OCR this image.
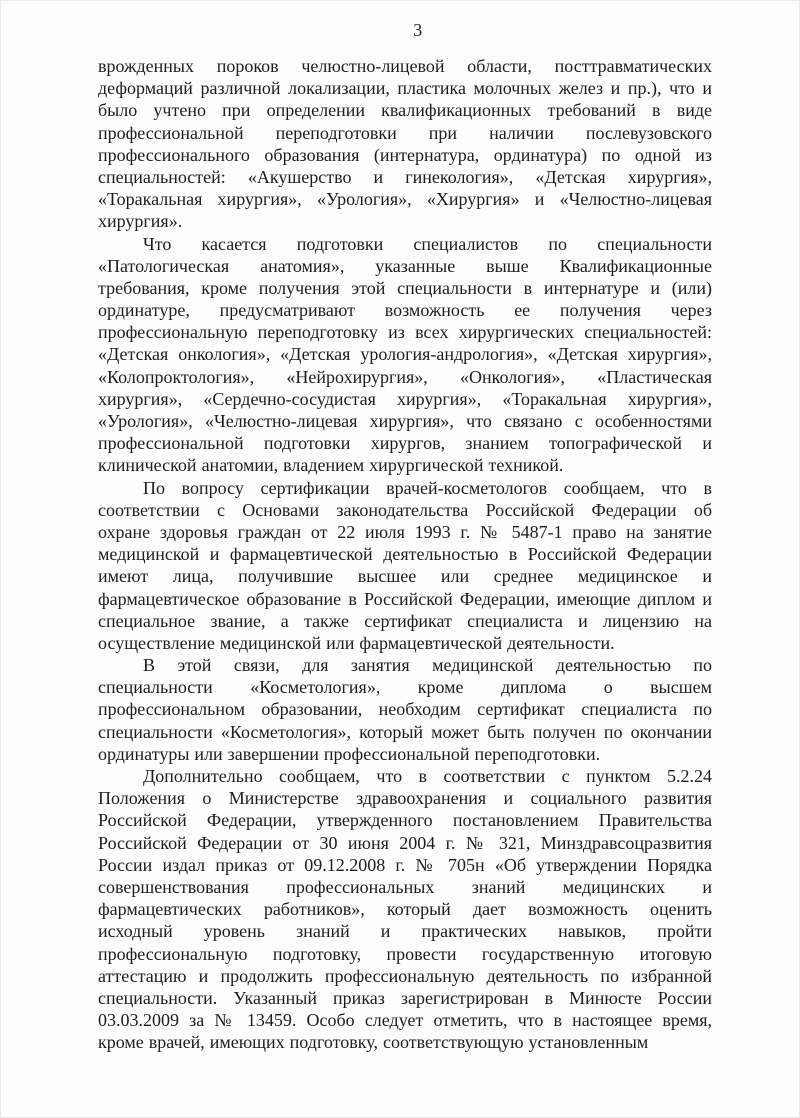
3
врожденных пороков челюстно-лицевой области, посттравматических
деформаций различной локализации, пластика молочных желез и пр.), что и
было учтено при определении квалификационных требований в виде
профессиональной переподготовки при наличии послевузовского
профессионального образования (интернатура, ординатура) по одной из
специальностей: «Акушерство и гинекология», «Детская хирургия»,
«Торакальная хирургия», «Урология», «Хирургия» и «Челюстно-лицевая
хирургия».
Что касается подготовки специалистов по специальности
«Патологическая анатомия», указанные выше Квалификационные
требования, кроме получения этой специальности в интернатуре и (или)
ординатуре, предусматривают возможность ее получения через
профессиональную переподготовку из всех хирургических специальностей:
«Детская онкология», «Детская урология-андрология», «Детская хирургия»,
«Колопроктология», «Нейрохирургия», «Онкология», «Пластическая
хирургия», «Сердечно-сосудистая хирургия», «Торакальная хирургия»,
«Урология», «Челюстно-лицевая хирургия», что связано с особенностями
профессиональной подготовки хирургов, знанием топографической и
клинической анатомии, владением хирургической техникой.
По вопросу сертификации врачей-косметологов сообщаем, что в
соответствии с Основами законодательства Российской Федерации об
охране здоровья граждан от 22 июля 1993 г. № 5487-1 право на занятие
медицинской и фармацевтической деятельностью в Российской Федерации
имеют лица, получившие высшее или среднее медицинское и
фармацевтическое образование в Российской Федерации, имеющие диплом и
специальное звание, а также сертификат специалиста и лицензию на
осуществление медицинской или фармацевтической деятельности.
В этой связи, для занятия медицинской деятельностью по
специальности «Косметология», кроме диплома о высшем
профессиональном образовании, необходим сертификат специалиста по
специальности «Косметология», который может быть получен по окончании
ординатуры или завершении профессиональной переподготовки.
Дополнительно сообщаем, что в соответствии с пунктом 5.2.24
Положения о Министерстве здравоохранения и социального развития
Российской Федерации, утвержденного постановлением Правительства
Российской Федерации от 30 июня 2004 г. № 321, Минздравсоцразвития
России издал приказ от 09.12.2008 г. № 705н «Об утверждении Порядка
совершенствования профессиональных знаний медицинских и
фармацевтических работников», который дает возможность оценить
исходный уровень знаний и практических навыков, пройти
профессиональную подготовку, провести государственную итоговую
аттестацию и продолжить профессиональную деятельность по избранной
специальности. Указанный приказ зарегистрирован в Минюсте России
03.03.2009 за № 13459. Особо следует отметить, что в настоящее время,
кроме врачей, имеющих подготовку, соответствующую установленным
